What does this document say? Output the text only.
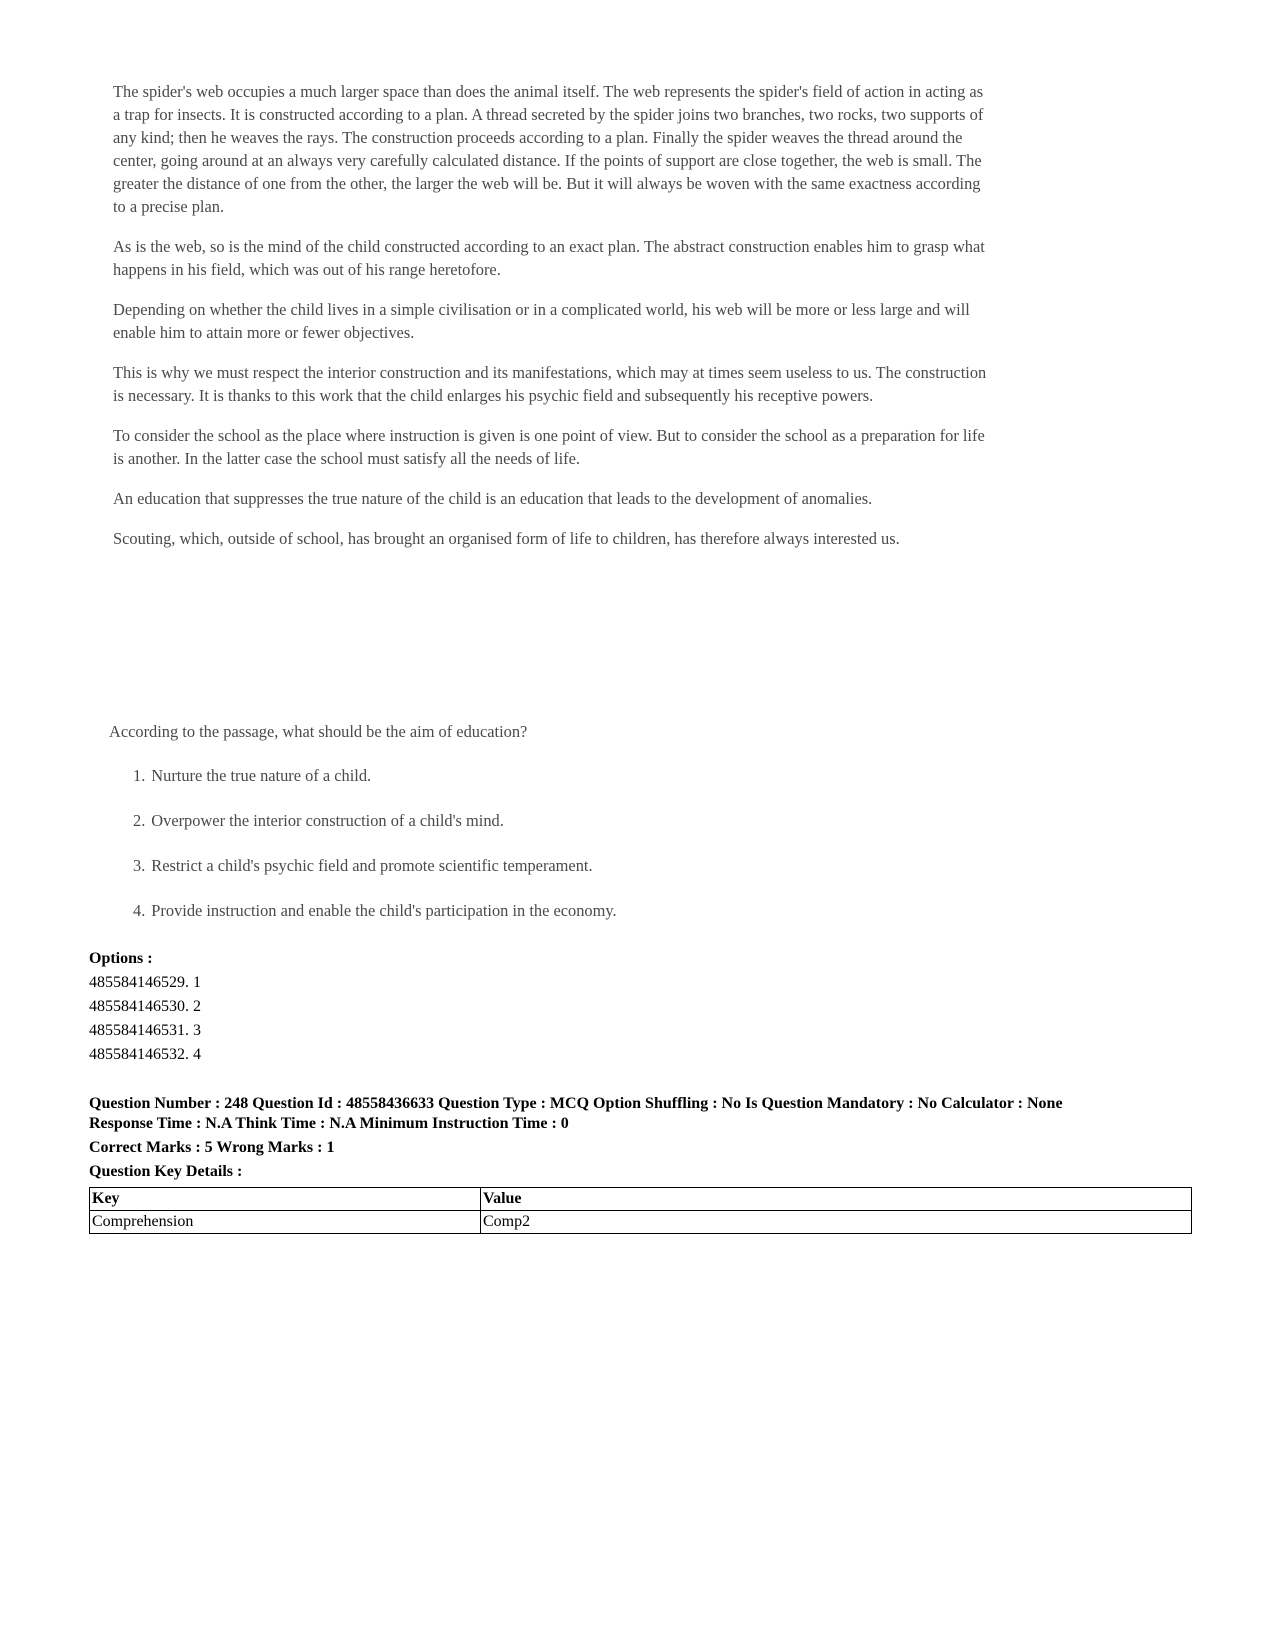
The spider's web occupies a much larger space than does the animal itself. The web represents the spider's field of action in acting as a trap for insects. It is constructed according to a plan. A thread secreted by the spider joins two branches, two rocks, two supports of any kind; then he weaves the rays. The construction proceeds according to a plan. Finally the spider weaves the thread around the center, going around at an always very carefully calculated distance. If the points of support are close together, the web is small. The greater the distance of one from the other, the larger the web will be. But it will always be woven with the same exactness according to a precise plan.

As is the web, so is the mind of the child constructed according to an exact plan. The abstract construction enables him to grasp what happens in his field, which was out of his range heretofore.

Depending on whether the child lives in a simple civilisation or in a complicated world, his web will be more or less large and will enable him to attain more or fewer objectives.

This is why we must respect the interior construction and its manifestations, which may at times seem useless to us. The construction is necessary. It is thanks to this work that the child enlarges his psychic field and subsequently his receptive powers.

To consider the school as the place where instruction is given is one point of view. But to consider the school as a preparation for life is another. In the latter case the school must satisfy all the needs of life.

An education that suppresses the true nature of the child is an education that leads to the development of anomalies.

Scouting, which, outside of school, has brought an organised form of life to children, has therefore always interested us.

According to the passage, what should be the aim of education?

1. Nurture the true nature of a child.
2. Overpower the interior construction of a child's mind.
3. Restrict a child's psychic field and promote scientific temperament.
4. Provide instruction and enable the child's participation in the economy.
Options :
485584146529. 1
485584146530. 2
485584146531. 3
485584146532. 4

Question Number : 248 Question Id : 48558436633 Question Type : MCQ Option Shuffling : No Is Question Mandatory : No Calculator : None

Response Time : N.A Think Time : N.A Minimum Instruction Time : 0

Correct Marks : 5 Wrong Marks : 1

Question Key Details :

Key	Value
Comprehension	Comp2
